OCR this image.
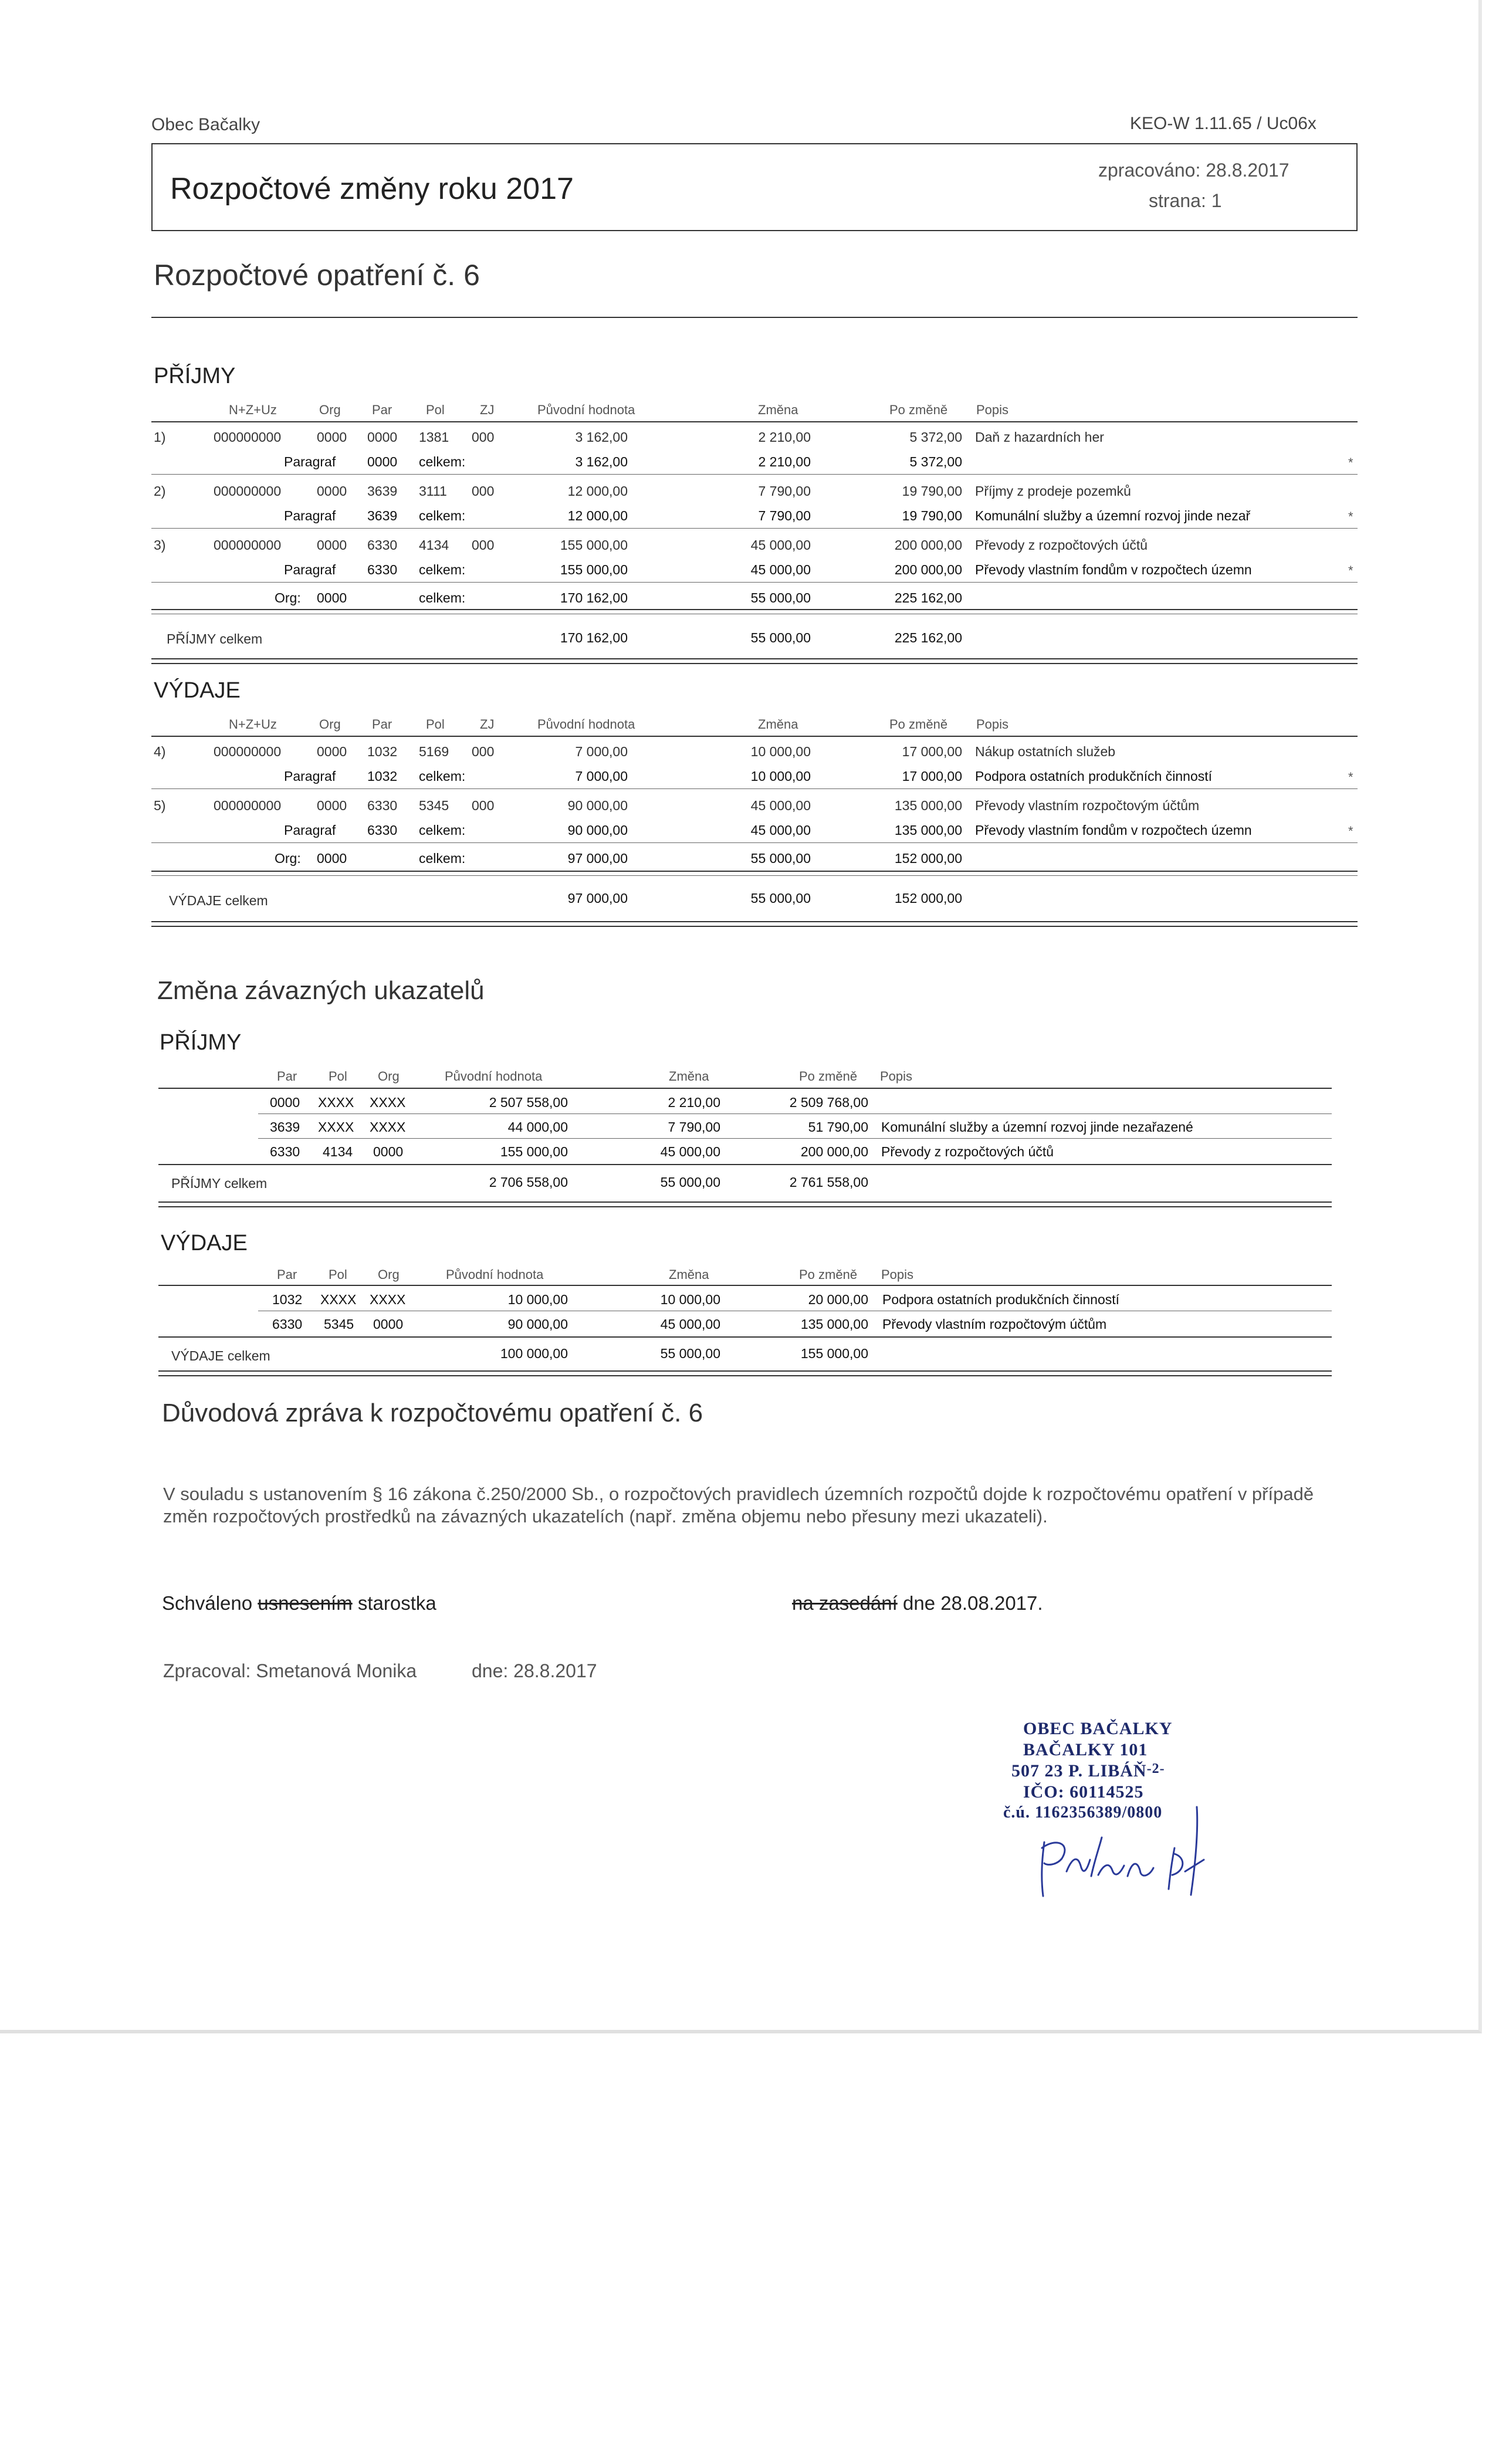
Obec Bačalky	KEO-W 1.11.65 / Uc06x
Rozpočtové změny roku 2017
zpracováno: 28.8.2017
strana: 1
Rozpočtové opatření č. 6
PŘÍJMY
N+Z+Uz	Org Par	Pol	ZJ	Původní hodnota	Změna	Po změně Popis
1)	000000000	0000 0000 1381 000	3 162,00	2 210,00	5 372,00 Daň z hazardních her
Paragraf 0000 celkem:	3 162,00	2 210,00	5 372,00	*
2)	000000000	0000 3639 3111 000	12 000,00	7 790,00	19 790,00 Příjmy z prodeje pozemků
Paragraf 3639 celkem:	12 000,00	7 790,00	19 790,00 Komunální služby a územní rozvoj jinde nezař	*
3)	000000000	0000 6330 4134 000	155 000,00	45 000,00	200 000,00 Převody z rozpočtových účtů
Paragraf 6330 celkem:	155 000,00	45 000,00	200 000,00 Převody vlastním fondům v rozpočtech územn	*
Org: 0000	celkem:	170 162,00	55 000,00	225 162,00
PŘÍJMY celkem	170 162,00	55 000,00	225 162,00
VÝDAJE
N+Z+Uz	Org Par	Pol	ZJ	Původní hodnota	Změna	Po změně Popis
4)	000000000	0000 1032 5169 000	7 000,00	10 000,00	17 000,00 Nákup ostatních služeb
Paragraf 1032 celkem:	7 000,00	10 000,00	17 000,00 Podpora ostatních produkčních činností	*
5)	000000000	0000 6330 5345 000	90 000,00	45 000,00	135 000,00 Převody vlastním rozpočtovým účtům
Paragraf 6330 celkem:	90 000,00	45 000,00	135 000,00 Převody vlastním fondům v rozpočtech územn	*
Org: 0000	celkem:	97 000,00	55 000,00	152 000,00
VÝDAJE celkem	97 000,00	55 000,00	152 000,00
Změna závazných ukazatelů
PŘÍJMY
Par Pol Org	Původní hodnota	Změna	Po změně Popis
0000 XXXX XXXX	2 507 558,00	2 210,00	2 509 768,00
3639 XXXX XXXX	44 000,00	7 790,00	51 790,00 Komunální služby a územní rozvoj jinde nezařazené
6330 4134 0000	155 000,00	45 000,00	200 000,00 Převody z rozpočtových účtů
PŘÍJMY celkem	2 706 558,00	55 000,00	2 761 558,00
VÝDAJE
Par Pol Org	Původní hodnota	Změna	Po změně Popis
1032 XXXX XXXX	10 000,00	10 000,00	20 000,00 Podpora ostatních produkčních činností
6330 5345 0000	90 000,00	45 000,00	135 000,00 Převody vlastním rozpočtovým účtům
VÝDAJE celkem	100 000,00	55 000,00	155 000,00
Důvodová zpráva k rozpočtovému opatření č. 6
V souladu s ustanovením § 16 zákona č.250/2000 Sb., o rozpočtových pravidlech územních rozpočtů dojde k rozpočtovému opatření v případě změn rozpočtových prostředků na závazných ukazatelích (např. změna objemu nebo přesuny mezi ukazateli).
Schváleno usnesením starostka	na zasedání dne 28.08.2017.
Zpracoval: Smetanová Monika	dne: 28.8.2017
OBEC BAČALKY
BAČALKY 101
507 23 P. $LIBÁŇ^{-2-}$
IČO: 60114525
č.ú. 1162356389/0800
